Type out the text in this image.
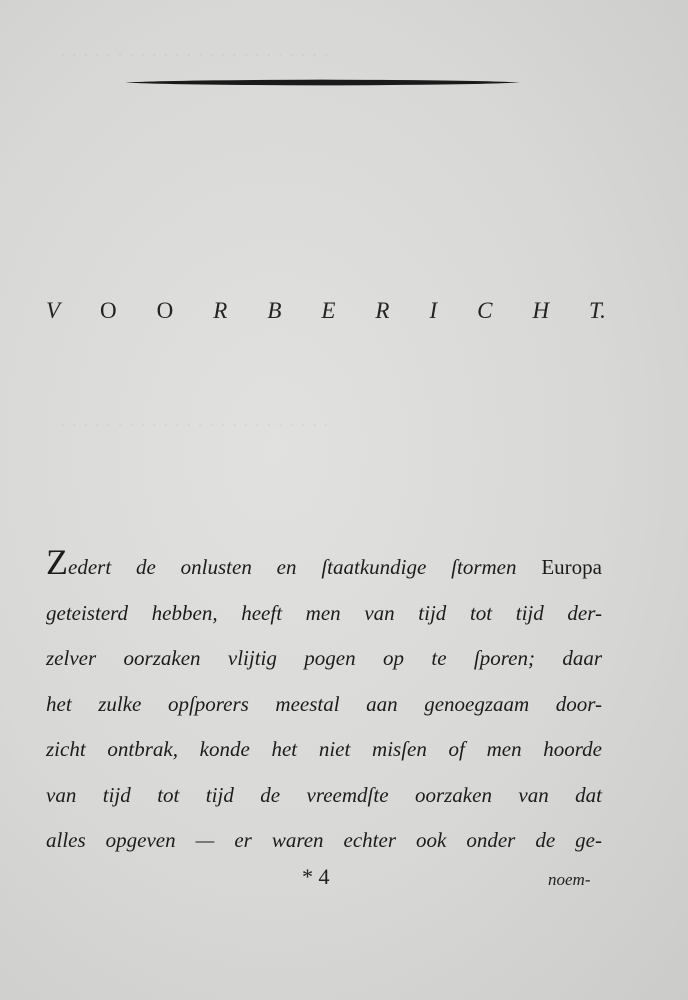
. . . . . . . . . . . . . . . . . . . . . . . .
. . . . . . . . . . . . . . . . . . . . . . . .
V O O R B E R I C H T.
Zedert de onlusten en ſtaatkundige ſtormen Europa
geteisterd hebben, heeft men van tijd tot tijd der-
zelver oorzaken vlijtig pogen op te ſporen; daar
het zulke opſporers meestal aan genoegzaam door-
zicht ontbrak, konde het niet misſen of men hoorde
van tijd tot tijd de vreemdſte oorzaken van dat
alles opgeven — er waren echter ook onder de ge-
* 4	noem-
